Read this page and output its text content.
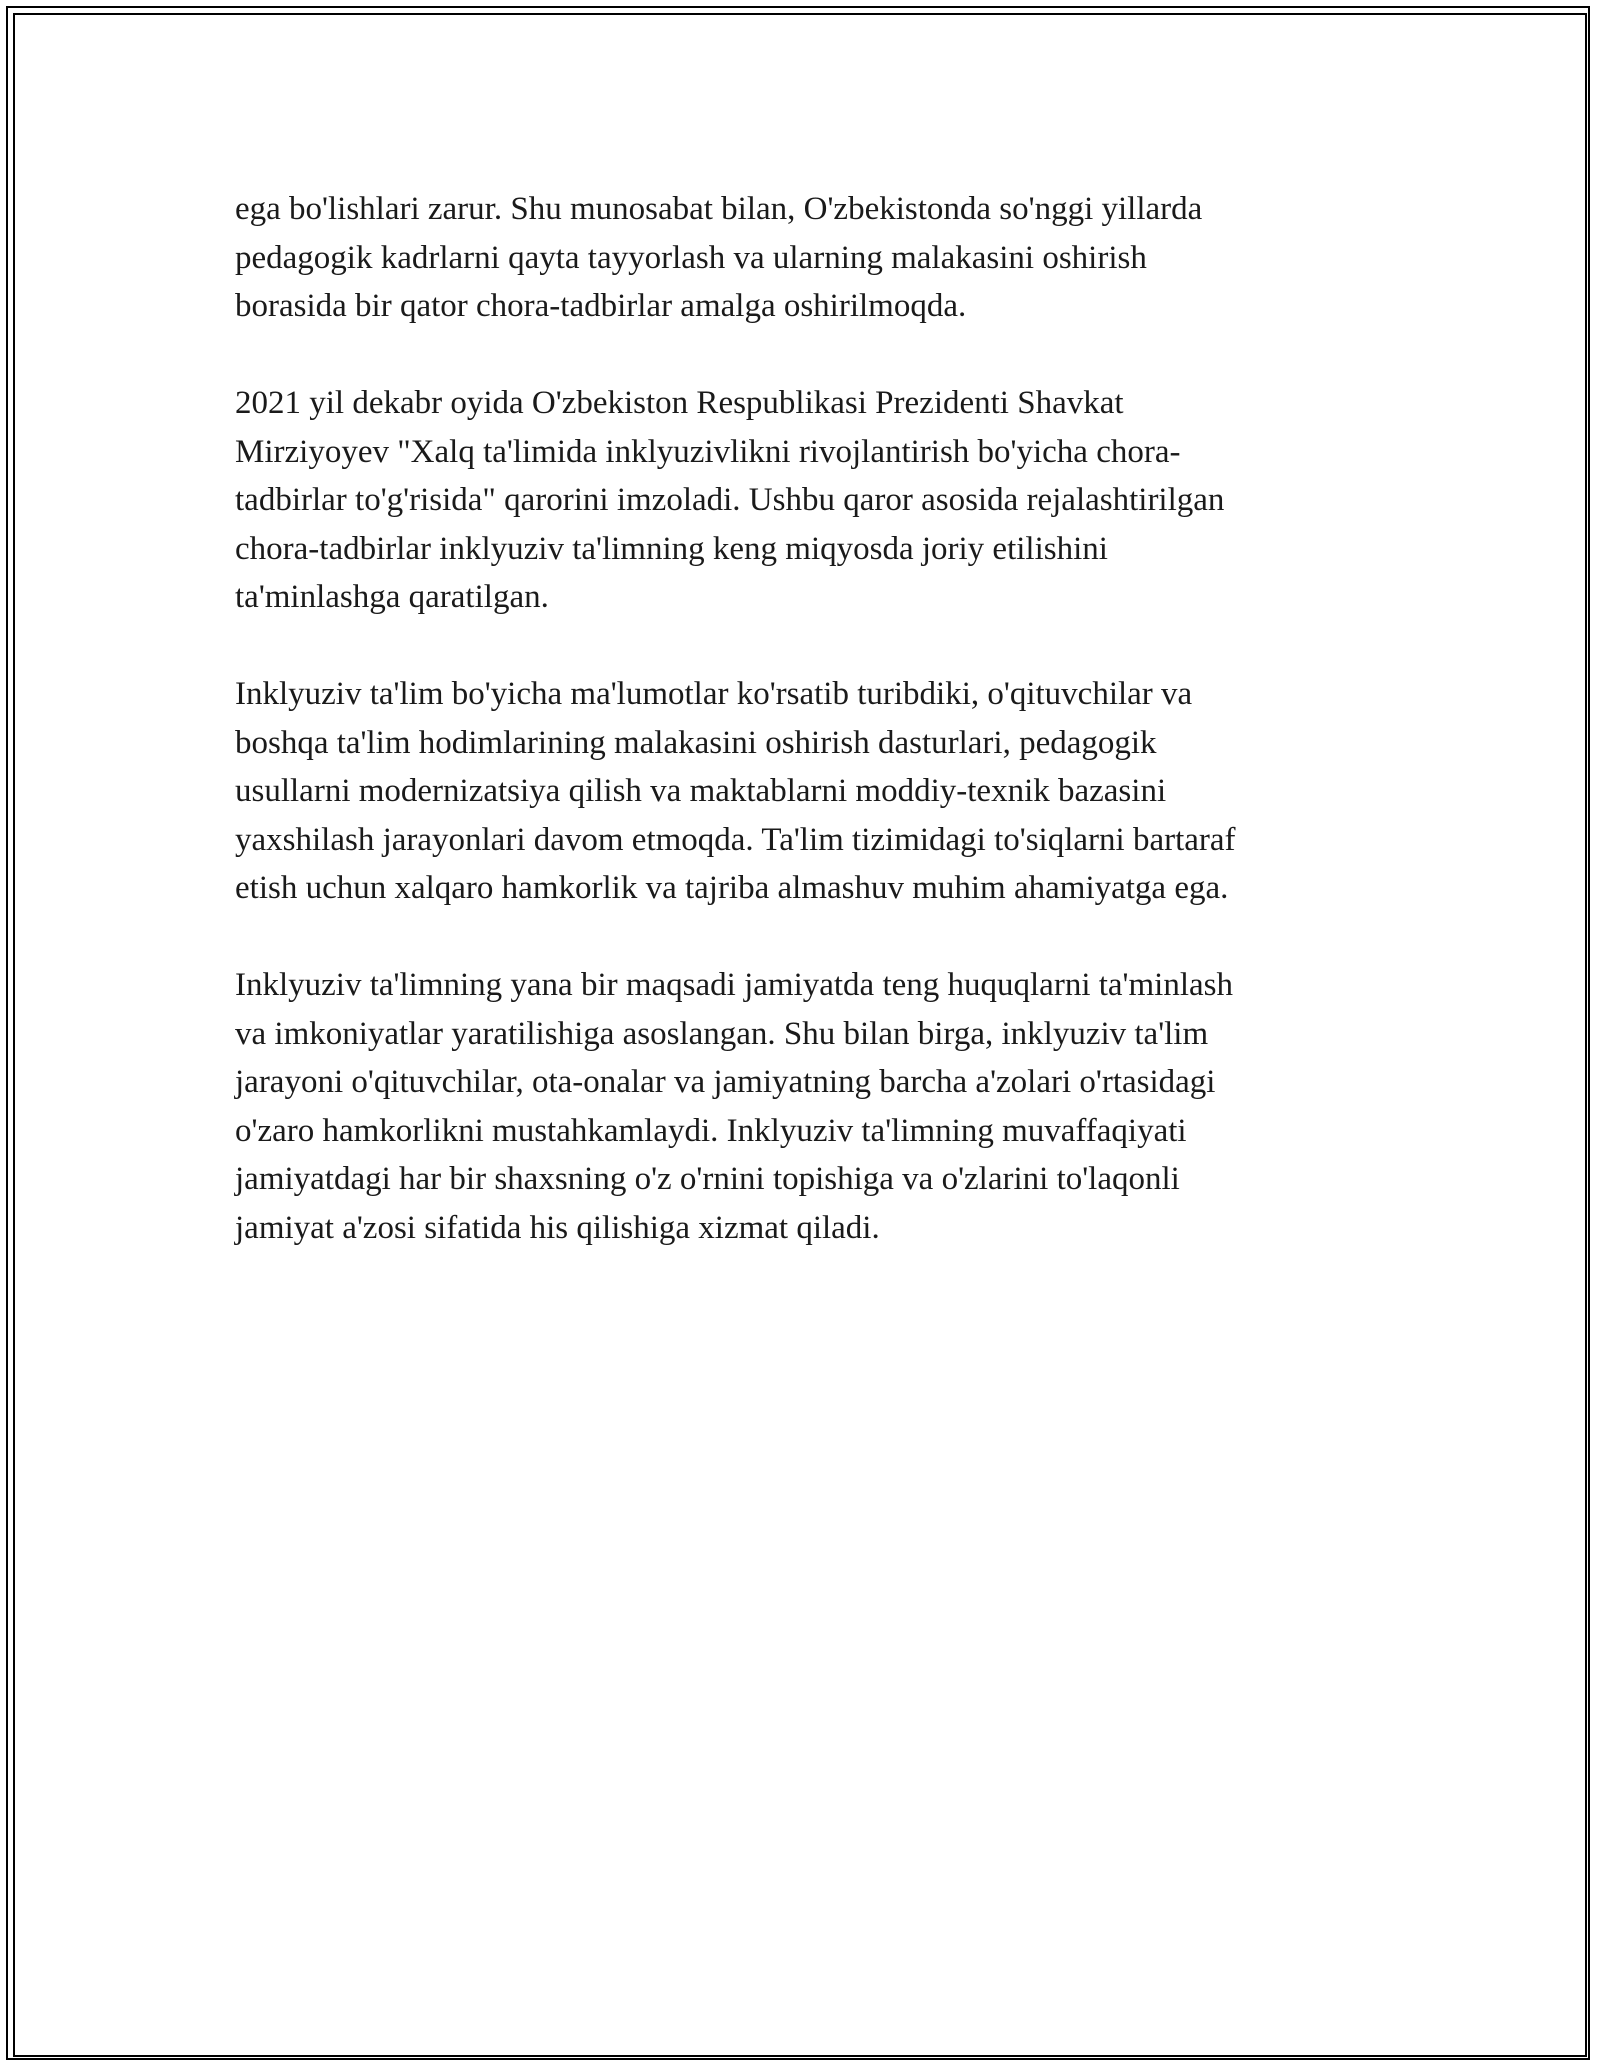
ega bo'lishlari zarur. Shu munosabat bilan, O'zbekistonda so'nggi yillarda
pedagogik kadrlarni qayta tayyorlash va ularning malakasini oshirish
borasida bir qator chora-tadbirlar amalga oshirilmoqda.

2021 yil dekabr oyida O'zbekiston Respublikasi Prezidenti Shavkat
Mirziyoyev "Xalq ta'limida inklyuzivlikni rivojlantirish bo'yicha chora-
tadbirlar to'g'risida" qarorini imzoladi. Ushbu qaror asosida rejalashtirilgan
chora-tadbirlar inklyuziv ta'limning keng miqyosda joriy etilishini
ta'minlashga qaratilgan.

Inklyuziv ta'lim bo'yicha ma'lumotlar ko'rsatib turibdiki, o'qituvchilar va
boshqa ta'lim hodimlarining malakasini oshirish dasturlari, pedagogik
usullarni modernizatsiya qilish va maktablarni moddiy-texnik bazasini
yaxshilash jarayonlari davom etmoqda. Ta'lim tizimidagi to'siqlarni bartaraf
etish uchun xalqaro hamkorlik va tajriba almashuv muhim ahamiyatga ega.

Inklyuziv ta'limning yana bir maqsadi jamiyatda teng huquqlarni ta'minlash
va imkoniyatlar yaratilishiga asoslangan. Shu bilan birga, inklyuziv ta'lim
jarayoni o'qituvchilar, ota-onalar va jamiyatning barcha a'zolari o'rtasidagi
o'zaro hamkorlikni mustahkamlaydi. Inklyuziv ta'limning muvaffaqiyati
jamiyatdagi har bir shaxsning o'z o'rnini topishiga va o'zlarini to'laqonli
jamiyat a'zosi sifatida his qilishiga xizmat qiladi.
